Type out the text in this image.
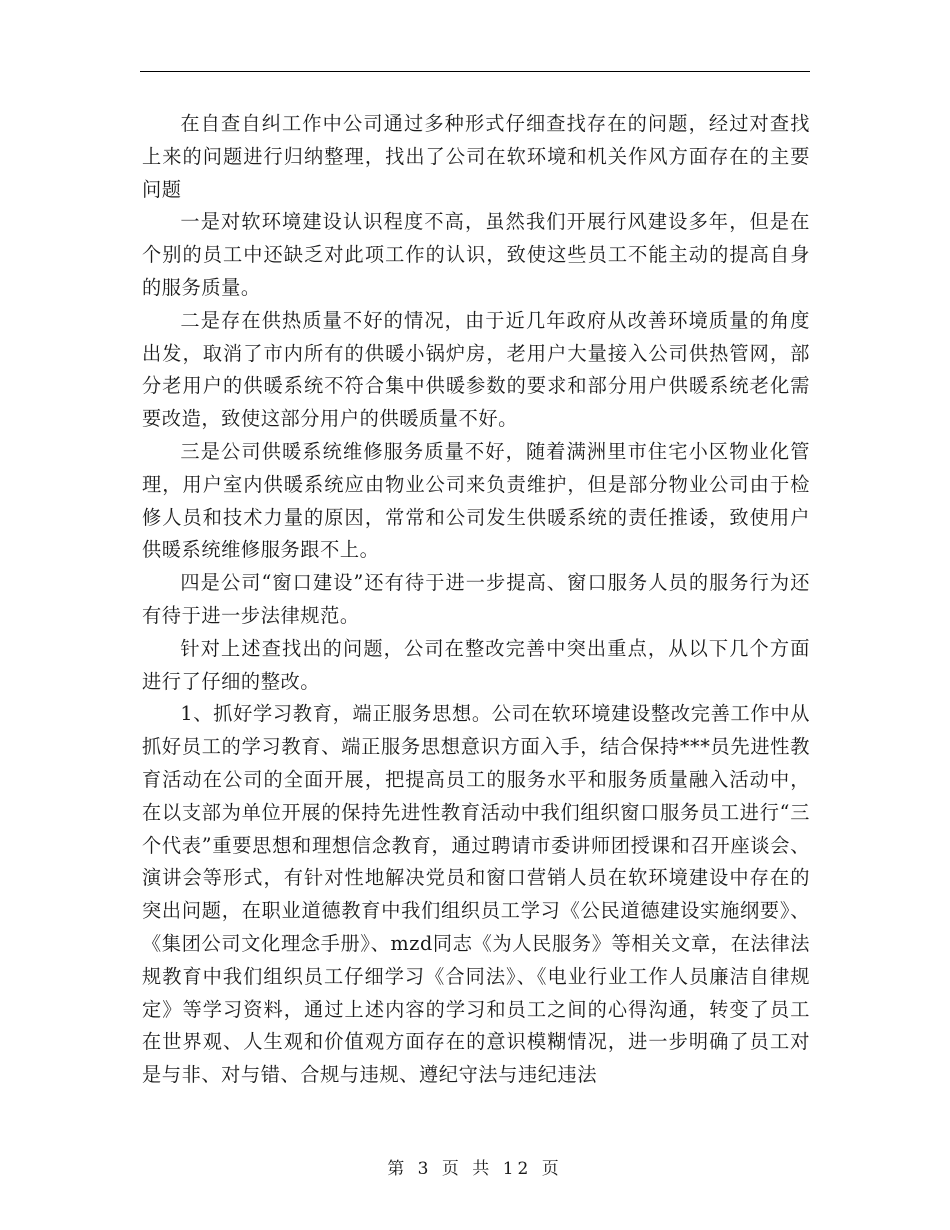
在自查自纠工作中公司通过多种形式仔细查找存在的问题，经过对查找上来的问题进行归纳整理，找出了公司在软环境和机关作风方面存在的主要问题

一是对软环境建设认识程度不高，虽然我们开展行风建设多年，但是在个别的员工中还缺乏对此项工作的认识，致使这些员工不能主动的提高自身的服务质量。

二是存在供热质量不好的情况，由于近几年政府从改善环境质量的角度出发，取消了市内所有的供暖小锅炉房，老用户大量接入公司供热管网，部分老用户的供暖系统不符合集中供暖参数的要求和部分用户供暖系统老化需要改造，致使这部分用户的供暖质量不好。

三是公司供暖系统维修服务质量不好，随着满洲里市住宅小区物业化管理，用户室内供暖系统应由物业公司来负责维护，但是部分物业公司由于检修人员和技术力量的原因，常常和公司发生供暖系统的责任推诿，致使用户供暖系统维修服务跟不上。

四是公司“窗口建设”还有待于进一步提高、窗口服务人员的服务行为还有待于进一步法律规范。

针对上述查找出的问题，公司在整改完善中突出重点，从以下几个方面进行了仔细的整改。

1、抓好学习教育，端正服务思想。公司在软环境建设整改完善工作中从抓好员工的学习教育、端正服务思想意识方面入手，结合保持***员先进性教育活动在公司的全面开展，把提高员工的服务水平和服务质量融入活动中，在以支部为单位开展的保持先进性教育活动中我们组织窗口服务员工进行“三个代表”重要思想和理想信念教育，通过聘请市委讲师团授课和召开座谈会、演讲会等形式，有针对性地解决党员和窗口营销人员在软环境建设中存在的突出问题，在职业道德教育中我们组织员工学习《公民道德建设实施纲要》、《集团公司文化理念手册》、mzd同志《为人民服务》等相关文章，在法律法规教育中我们组织员工仔细学习《合同法》、《电业行业工作人员廉洁自律规定》等学习资料，通过上述内容的学习和员工之间的心得沟通，转变了员工在世界观、人生观和价值观方面存在的意识模糊情况，进一步明确了员工对是与非、对与错、合规与违规、遵纪守法与违纪违法

第 3 页 共 12 页
